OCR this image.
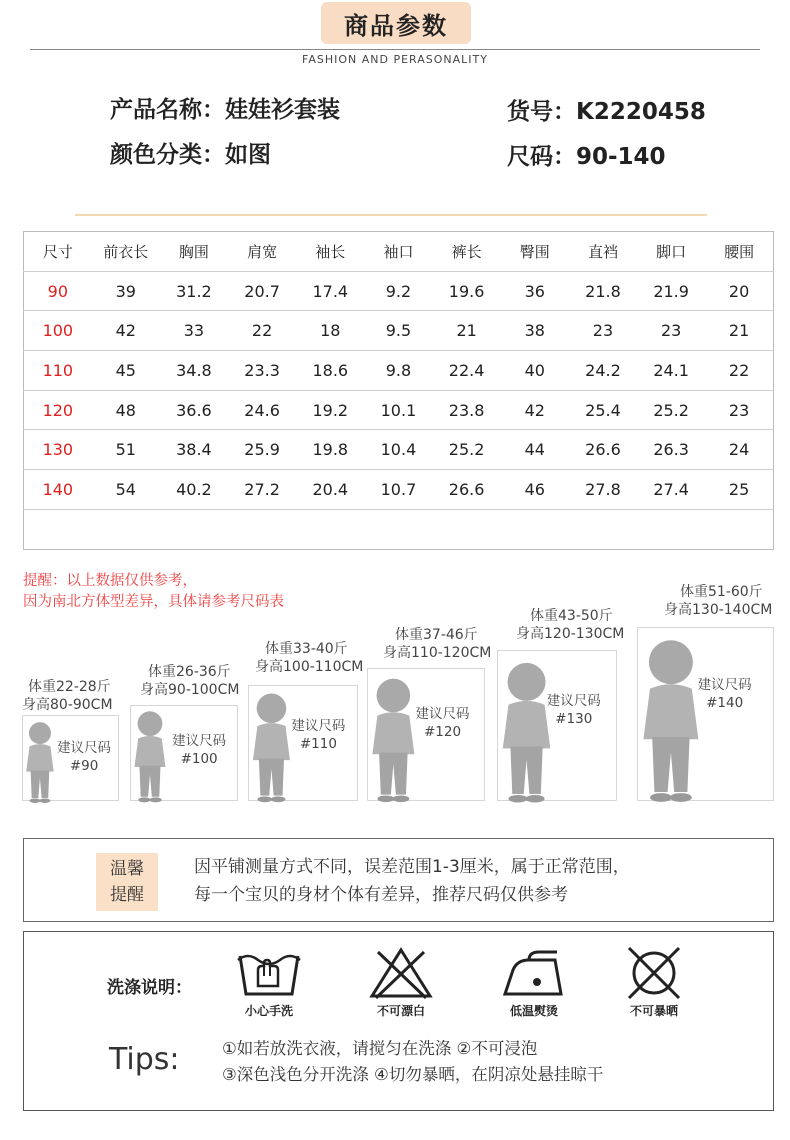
商品参数
FASHION AND PERASONALITY
产品名称：娃娃衫套装
颜色分类：如图
货号：K2220458
尺码：90-140
尺寸	前衣长	胸围	肩宽	袖长	袖口	裤长	臀围	直裆	脚口	腰围
90	39	31.2	20.7	17.4	9.2	19.6	36	21.8	21.9	20
100	42	33	22	18	9.5	21	38	23	23	21
110	45	34.8	23.3	18.6	9.8	22.4	40	24.2	24.1	22
120	48	36.6	24.6	19.2	10.1	23.8	42	25.4	25.2	23
130	51	38.4	25.9	19.8	10.4	25.2	44	26.6	26.3	24
140	54	40.2	27.2	20.4	10.7	26.6	46	27.8	27.4	25

提醒：以上数据仅供参考，
因为南北方体型差异，具体请参考尺码表
体重22-28斤
身高80-90CM
建议尺码
#90
体重26-36斤
身高90-100CM
建议尺码
#100
体重33-40斤
身高100-110CM
建议尺码
#110
体重37-46斤
身高110-120CM
建议尺码
#120
体重43-50斤
身高120-130CM
建议尺码
#130
体重51-60斤
身高130-140CM
建议尺码
#140
温馨
提醒
因平铺测量方式不同，误差范围1-3厘米，属于正常范围，
每一个宝贝的身材个体有差异，推荐尺码仅供参考
洗涤说明：
小心手洗	不可漂白	低温熨烫	不可暴晒
Tips:	①如若放洗衣液，请搅匀在洗涤 ②不可浸泡
③深色浅色分开洗涤 ④切勿暴晒，在阴凉处悬挂晾干
